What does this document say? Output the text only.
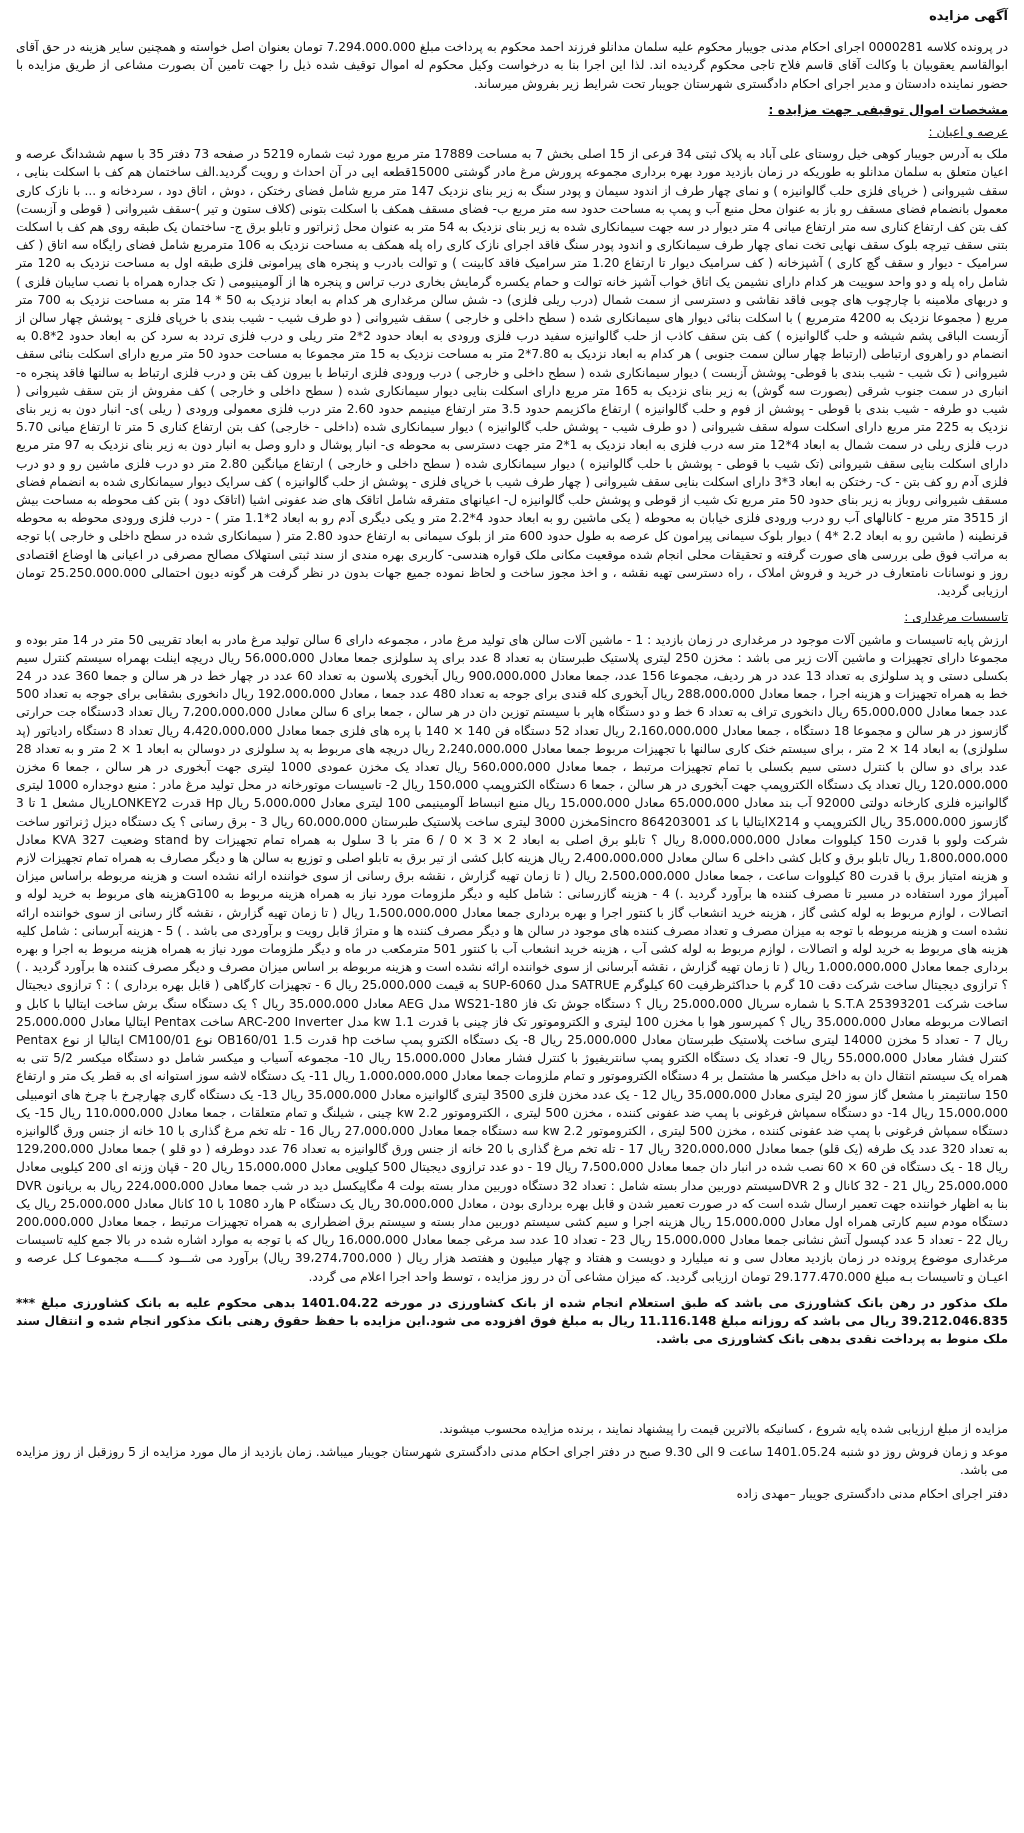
آگهی مزایده
در پرونده کلاسه 0000281 اجرای احکام مدنی جویبار محکوم علیه سلمان مدانلو فرزند احمد محکوم به پرداخت مبلغ 7.294.000.000 تومان بعنوان اصل خواسته و همچنین سایر هزینه در حق آقای ابوالقاسم یعقوبیان با وکالت آقای قاسم فلاح تاجی محکوم گردیده اند. لذا این اجرا بنا به درخواست وکیل محکوم له اموال توقیف شده ذیل را جهت تامین آن بصورت مشاعی از طریق مزایده با حضور نماینده دادستان و مدیر اجرای احکام دادگستری شهرستان جویبار تحت شرایط زیر بفروش میرساند.
مشخصات اموال توقیفی جهت مزایده :
عرصه و اعیان :
ملک به آدرس جویبار کوهی خیل روستای علی آباد به پلاک ثبتی 34 فرعی از 15 اصلی بخش 7 به مساحت 17889 متر مربع مورد ثبت شماره 5219 در صفحه 73 دفتر 35 با سهم ششدانگ عرصه و اعیان متعلق به سلمان مدانلو به طوریکه در زمان بازدید مورد بهره برداری مجموعه پرورش مرغ مادر گوشتی 15000قطعه ایی در آن احداث و رویت گردید.الف ساختمان هم کف با اسکلت بنایی ، سقف شیروانی ( خرپای فلزی حلب گالوانیزه ) و نمای چهار طرف از اندود سیمان و پودر سنگ به زیر بنای نزدیک 147 متر مربع شامل فضای رختکن ، دوش ، اتاق دود ، سردخانه و ... با نازک کاری معمول بانضمام فضای مسقف رو باز به عنوان محل منبع آب و پمپ به مساحت حدود سه متر مربع ب- فضای مسقف همکف با اسکلت بتونی (کلاف ستون و تیر )-سقف شیروانی ( قوطی و آزبست) کف بتن کف ارتفاع کناری سه متر ارتفاع میانی 4 متر دیوار در سه جهت سیمانکاری شده به زیر بنای نزدیک به 54 متر به عنوان محل ژنراتور و تابلو برق ج- ساختمان یک طبقه روی هم کف با اسکلت بتنی سقف تیرچه بلوک سقف نهایی تخت نمای چهار طرف سیمانکاری و اندود پودر سنگ فاقد اجرای نازک کاری راه پله همکف به مساحت نزدیک به 106 مترمربع شامل فضای رایگاه سه اتاق ( کف سرامیک - دیوار و سقف گچ کاری ) آشپزخانه ( کف سرامیک دیوار تا ارتفاع 1.20 متر سرامیک فاقد کابینت ) و توالت بادرب و پنجره های پیرامونی فلزی طبقه اول به مساحت نزدیک به 120 متر شامل راه پله و دو واحد سوییت هر کدام دارای نشیمن یک اتاق خواب آشپز خانه توالت و حمام یکسره گرمایش بخاری درب تراس و پنجره ها از آلومینیومی ( تک جداره همراه با نصب سایبان فلزی ) و دربهای ملامینه با چارچوب های چوبی فاقد نقاشی و دسترسی از سمت شمال (درب ریلی فلزی) د- شش سالن مرغداری هر کدام به ابعاد نزدیک به 50 * 14 متر به مساحت نزدیک به 700 متر مربع ( مجموعا نزدیک به 4200 مترمربع ) با اسکلت بنائی دیوار های سیمانکاری شده ( سطح داخلی و خارجی ) سقف شیروانی ( دو طرف شیب - شیب بندی با خرپای فلزی - پوشش چهار سالن از آزبست الباقی پشم شیشه و حلب گالوانیزه ) کف بتن سقف کاذب از حلب گالوانیزه سفید درب فلزی ورودی به ابعاد حدود 2*2 متر ریلی و درب فلزی تردد به سرد کن به ابعاد حدود 2*0.8 به انضمام دو راهروی ارتباطی (ارتباط چهار سالن سمت جنوبی ) هر کدام به ابعاد نزدیک به 7.80*2 متر به مساحت نزدیک به 15 متر مجموعا به مساحت حدود 50 متر مربع دارای اسکلت بنائی سقف شیروانی ( تک شیب - شیب بندی با قوطی- پوشش آزبست ) دیوار سیمانکاری شده ( سطح داخلی و خارجی ) درب ورودی فلزی ارتباط با بیرون کف بتن و درب فلزی ارتباط به سالنها فاقد پنجره ه- انباری در سمت جنوب شرقی (بصورت سه گوش) به زیر بنای نزدیک به 165 متر مربع دارای اسکلت بنایی دیوار سیمانکاری شده ( سطح داخلی و خارجی ) کف مفروش از بتن سقف شیروانی ( شیب دو طرفه - شیب بندی با قوطی - پوشش از فوم و حلب گالوانیزه ) ارتفاع ماکزیمم حدود 3.5 متر ارتفاع مینیمم حدود 2.60 متر درب فلزی معمولی ورودی ( ریلی )ی- انبار دون به زیر بنای نزدیک به 225 متر مربع دارای اسکلت سوله سقف شیروانی ( دو طرف شیب - پوشش حلب گالوانیزه ) دیوار سیمانکاری شده (داخلی - خارجی) کف بتن ارتفاع کناری 5 متر تا ارتفاع میانی 5.70 درب فلزی ریلی در سمت شمال به ابعاد 4*12 متر سه درب فلزی به ابعاد نزدیک به 1*2 متر جهت دسترسی به محوطه ی- انبار پوشال و دارو وصل به انبار دون به زیر بنای نزدیک به 97 متر مربع دارای اسکلت بنایی سقف شیروانی (تک شیب با قوطی - پوشش با حلب گالوانیزه ) دیوار سیمانکاری شده ( سطح داخلی و خارجی ) ارتفاع میانگین 2.80 متر دو درب فلزی ماشین رو و دو درب فلزی آدم رو کف بتن - ک- رختکن به ابعاد 3*3 دارای اسکلت بنایی سقف شیروانی ( چهار طرف شیب با خرپای فلزی - پوشش از حلب گالوانیزه ) کف سرایک دیوار سیمانکاری شده به انضمام فضای مسقف شیروانی روباز به زیر بنای حدود 50 متر مربع تک شیب از قوطی و پوشش حلب گالوانیزه ل- اعیانهای متفرقه شامل اتاقک های ضد عفونی اشیا (اتاقک دود ) بتن کف محوطه به مساحت بیش از 3515 متر مربع - کانالهای آب رو درب ورودی فلزی خیابان به محوطه ( یکی ماشین رو به ابعاد حدود 4*2.2 متر و یکی دیگری آدم رو به ابعاد 2*1.1 متر ) - درب فلزی ورودی محوطه به محوطه قرنطینه ( ماشین رو به ابعاد 2.2 *4 ) دیوار بلوک سیمانی پیرامون کل عرصه به طول حدود 600 متر از بلوک سیمانی به ارتفاع حدود 2.80 متر ( سیمانکاری شده در سطح داخلی و خارجی )با توجه به مراتب فوق طی بررسی های صورت گرفته و تحقیقات محلی انجام شده موقعیت مکانی ملک قواره هندسی- کاربری بهره مندی از سند ثبتی استهلاک مصالح مصرفی در اعیانی ها اوضاع اقتصادی روز و نوسانات نامتعارف در خرید و فروش املاک ، راه دسترسی تهیه نقشه ، و اخذ مجوز ساخت و لحاظ نموده جمیع جهات بدون در نظر گرفت هر گونه دیون احتمالی 25.250.000.000 تومان ارزیابی گردید.
تاسیسات مرغداری :
ارزش پایه تاسیسات و ماشین آلات موجود در مرغداری در زمان بازدید : 1 - ماشین آلات سالن های تولید مرغ مادر ، مجموعه دارای 6 سالن تولید مرغ مادر به ابعاد تقریبی 50 متر در 14 متر بوده و مجموعا دارای تجهیزات و ماشین آلات زیر می باشد : مخزن 250 لیتری پلاستیک طبرستان به تعداد 8 عدد برای پد سلولزی جمعا معادل 56،000،000 ریال دریچه اینلت بهمراه سیستم کنترل سیم بکسلی دستی و پد سلولزی به تعداد 13 عدد در هر ردیف، مجموعا 156 عدد، جمعا معادل 900،000،000 ریال آبخوری پلاسون به تعداد 60 عدد در چهار خط در هر سالن و جمعا 360 عدد در 24 خط به همراه تجهیزات و هزینه اجرا ، جمعا معادل 288،000،000 ریال آبخوری کله قندی برای جوجه به تعداد 480 عدد جمعا ، معادل 192،000،000 ریال دانخوری بشقابی برای جوجه به تعداد 500 عدد جمعا معادل 65،000،000 ریال دانخوری تراف به تعداد 6 خط و دو دستگاه هاپر با سیستم توزین دان در هر سالن ، جمعا برای 6 سالن معادل 7،200،000،000 ریال تعداد 3دستگاه جت حرارتی گازسوز در هر سالن و مجموعا 18 دستگاه ، جمعا معادل 2،160،000،000 ریال تعداد 52 دستگاه فن 140 × 140 با پره های فلزی جمعا معادل 4،420،000،000 ریال تعداد 8 دستگاه رادیاتور (پد سلولزی) به ابعاد 14 × 2 متر ، برای سیستم خنک کاری سالنها با تجهیزات مربوط جمعا معادل 2،240،000،000 ریال دریچه های مربوط به پد سلولزی در دوسالن به ابعاد 1 × 2 متر و به تعداد 28 عدد برای دو سالن با کنترل دستی سیم بکسلی با تمام تجهیزات مرتبط ، جمعا معادل 560،000،000 ریال تعداد یک مخزن عمودی 1000 لیتری جهت آبخوری در هر سالن ، جمعا 6 مخزن 120،000،000 ریال تعداد یک دستگاه الکتروپمپ جهت آبخوری در هر سالن ، جمعا 6 دستگاه الکتروپمپ 150،000 ریال 2- تاسیسات موتورخانه در محل تولید مرغ مادر : منبع دوجداره 1000 لیتری گالوانیزه فلزی کارخانه دولتی 92000 آب بند معادل 65،000،000 معادل 15،000،000 ریال منبع انبساط آلومینیمی 100 لیتری معادل 5،000،000 ریال Hp قدرت LONKEY2ریال مشعل 1 تا 3 گازسوز 35،000،000 ریال الکتروپمپ و X214ایتالیا با کد Sincro 864203001مخزن 3000 لیتری ساخت پلاستیک طبرستان 60،000،000 ریال 3 - برق رسانی ؟ یک دستگاه دیزل ژنراتور ساخت شرکت ولوو با قدرت 150 کیلووات معادل 8،000،000،000 ریال ؟ تابلو برق اصلی به ابعاد 2 × 3 × 0 / 6 متر با 3 سلول به همراه تمام تجهیزات stand by وضعیت KVA 327 معادل 1،800،000،000 ریال تابلو برق و کابل کشی داخلی 6 سالن معادل 2،400،000،000 ریال هزینه کابل کشی از تیر برق به تابلو اصلی و توزیع به سالن ها و دیگر مصارف به همراه تمام تجهیزات لازم و هزینه امتیاز برق با قدرت 80 کیلووات ساعت ، جمعا معادل 2،500،000،000 ریال ( تا زمان تهیه گزارش ، نقشه برق رسانی از سوی خواننده ارائه نشده است و هزینه مربوطه براساس میزان آمپراژ مورد استفاده در مسیر تا مصرف کننده ها برآورد گردید .) 4 - هزینه گازرسانی : شامل کلیه و دیگر ملزومات مورد نیاز به همراه هزینه مربوط به G100هزینه های مربوط به خرید لوله و اتصالات ، لوازم مربوط به لوله کشی گاز ، هزینه خرید انشعاب گاز با کنتور اجرا و بهره برداری جمعا معادل 1،500،000،000 ریال ( تا زمان تهیه گزارش ، نقشه گاز رسانی از سوی خواننده ارائه نشده است و هزینه مربوطه با توجه به میزان مصرف و تعداد مصرف کننده های موجود در سالن ها و دیگر مصرف کننده ها و متراژ قابل رویت و برآوردی می باشد . ) 5 - هزینه آبرسانی : شامل کلیه هزینه های مربوط به خرید لوله و اتصالات ، لوازم مربوط به لوله کشی آب ، هزینه خرید انشعاب آب با کنتور 501 مترمکعب در ماه و دیگر ملزومات مورد نیاز به همراه هزینه مربوط به اجرا و بهره برداری جمعا معادل 1،000،000،000 ریال ( تا زمان تهیه گزارش ، نقشه آبرسانی از سوی خواننده ارائه نشده است و هزینه مربوطه بر اساس میزان مصرف و دیگر مصرف کننده ها برآورد گردید . ) ؟ ترازوی دیجیتال ساخت شرکت دقت 10 گرم با حداکثرظرفیت 60 کیلوگرم SATRUE مدل SUP-6060 به قیمت 25،000،000 ریال 6 - تجهیزات کارگاهی ( قابل بهره برداری ) : ؟ ترازوی دیجیتال ساخت شرکت S.T.A 25393201 با شماره سریال 25،000،000 ریال ؟ دستگاه جوش تک فاز WS21-180 مدل AEG معادل 35،000،000 ریال ؟ یک دستگاه سنگ برش ساخت ایتالیا با کابل و اتصالات مربوطه معادل 35،000،000 ریال ؟ کمپرسور هوا با مخزن 100 لیتری و الکتروموتور تک فاز چینی با قدرت 1.1 kw مدل ARC-200 Inverter ساخت Pentax ایتالیا معادل 25،000،000 ریال 7 - تعداد 5 مخزن 14000 لیتری ساخت پلاستیک طبرستان معادل 25،000،000 ریال 8- یک دستگاه الکترو پمپ ساخت hp قدرت 1.5 OB160/01 نوع CM100/01 ایتالیا از نوع Pentax کنترل فشار معادل 55،000،000 ریال 9- تعداد یک دستگاه الکترو پمپ سانتریفیوژ با کنترل فشار معادل 15،000،000 ریال 10- مجموعه آسیاب و میکسر شامل دو دستگاه میکسر 5/2 تنی به همراه یک سیستم انتقال دان به داخل میکسر ها مشتمل بر 4 دستگاه الکتروموتور و تمام ملزومات جمعا معادل 1،000،000،000 ریال 11- یک دستگاه لاشه سوز استوانه ای به قطر یک متر و ارتفاع 150 سانتیمتر با مشعل گاز سوز 20 لیتری معادل 35،000،000 ریال 12 - یک عدد مخزن فلزی 3500 لیتری گالوانیزه معادل 35،000،000 ریال 13- یک دستگاه گاری چهارچرخ با چرخ های اتومبیلی 15،000،000 ریال 14- دو دستگاه سمپاش فرغونی با پمپ ضد عفونی کننده ، مخزن 500 لیتری ، الکتروموتور kw 2.2 چینی ، شیلنگ و تمام متعلقات ، جمعا معادل 110،000،000 ریال 15- یک دستگاه سمپاش فرغونی با پمپ ضد عفونی کننده ، مخزن 500 لیتری ، الکتروموتور 2.2 kw سه دستگاه جمعا معادل 27،000،000 ریال 16 - تله تخم مرغ گذاری با 10 خانه از جنس ورق گالوانیزه به تعداد 320 عدد یک طرفه (یک قلو) جمعا معادل 320،000،000 ریال 17 - تله تخم مرغ گذاری با 20 خانه از جنس ورق گالوانیزه به تعداد 76 عدد دوطرفه ( دو قلو ) جمعا معادل 129،200،000 ریال 18 - یک دستگاه فن 60 × 60 نصب شده در انبار دان جمعا معادل 7،500،000 ریال 19 - دو عدد ترازوی دیجیتال 500 کیلویی معادل 15،000،000 ریال 20 - قپان وزنه ای 200 کیلویی معادل 25،000،000 ریال 21 - 32 کانال و DVR 2سیستم دوربین مدار بسته شامل : تعداد 32 دستگاه دوربین مدار بسته بولت 4 مگاپیکسل دید در شب جمعا معادل 224،000،000 ریال به بریانون DVR بنا به اظهار خواننده جهت تعمیر ارسال شده است که در صورت تعمیر شدن و قابل بهره برداری بودن ، معادل 30،000،000 ریال یک دستگاه P هارد 1080 با 10 کانال معادل 25،000،000 ریال یک دستگاه مودم سیم کارتی همراه اول معادل 15،000،000 ریال هزینه اجرا و سیم کشی سیستم دوربین مدار بسته و سیستم برق اضطراری به همراه تجهیزات مرتبط ، جمعا معادل 200،000،000 ریال 22 - تعداد 5 عدد کپسول آتش نشانی جمعا معادل 15،000،000 ریال 23 - تعداد 10 عدد سد مرغی جمعا معادل 16،000،000 ریال که با توجه به موارد اشاره شده در بالا جمع کلیه تاسیسات مرغداری موضوع پرونده در زمان بازدید معادل سی و نه میلیارد و دویست و هفتاد و چهار میلیون و هفتصد هزار ریال ( 39،274،700،000 ریال) برآورد می شـــود کـــــه مجموعـا کـل عرصه و اعیـان و تاسیسات بـه مبلغ 29.177.470.000 تومان ارزیابی گردید. که میزان مشاعی آن در روز مزایده ، توسط واحد اجرا اعلام می گردد.
ملک مذکور در رهن بانک کشاورزی می باشد که طبق استعلام انجام شده از بانک کشاورزی در مورخه 1401.04.22 بدهی محکوم علیه به بانک کشاورزی مبلغ *** 39.212.046.835 ریال می باشد که روزانه مبلغ 11.116.148 ریال به مبلغ فوق افزوده می شود.این مزایده با حفظ حقوق رهنی بانک مذکور انجام شده و انتقال سند ملک منوط به پرداخت نقدی بدهی بانک کشاورزی می باشد.
مزایده از مبلغ ارزیابی شده پایه شروع ، کسانیکه بالاترین قیمت را پیشنهاد نمایند ، برنده مزایده محسوب میشوند.
موعد و زمان فروش روز دو شنبه 1401.05.24 ساعت 9 الی 9.30 صبح در دفتر اجرای احکام مدنی دادگستری شهرستان جویبار میباشد. زمان بازدید از مال مورد مزایده از 5 روزقبل از روز مزایده می باشد.
دفتر اجرای احکام مدنی دادگستری جویبار –مهدی زاده
